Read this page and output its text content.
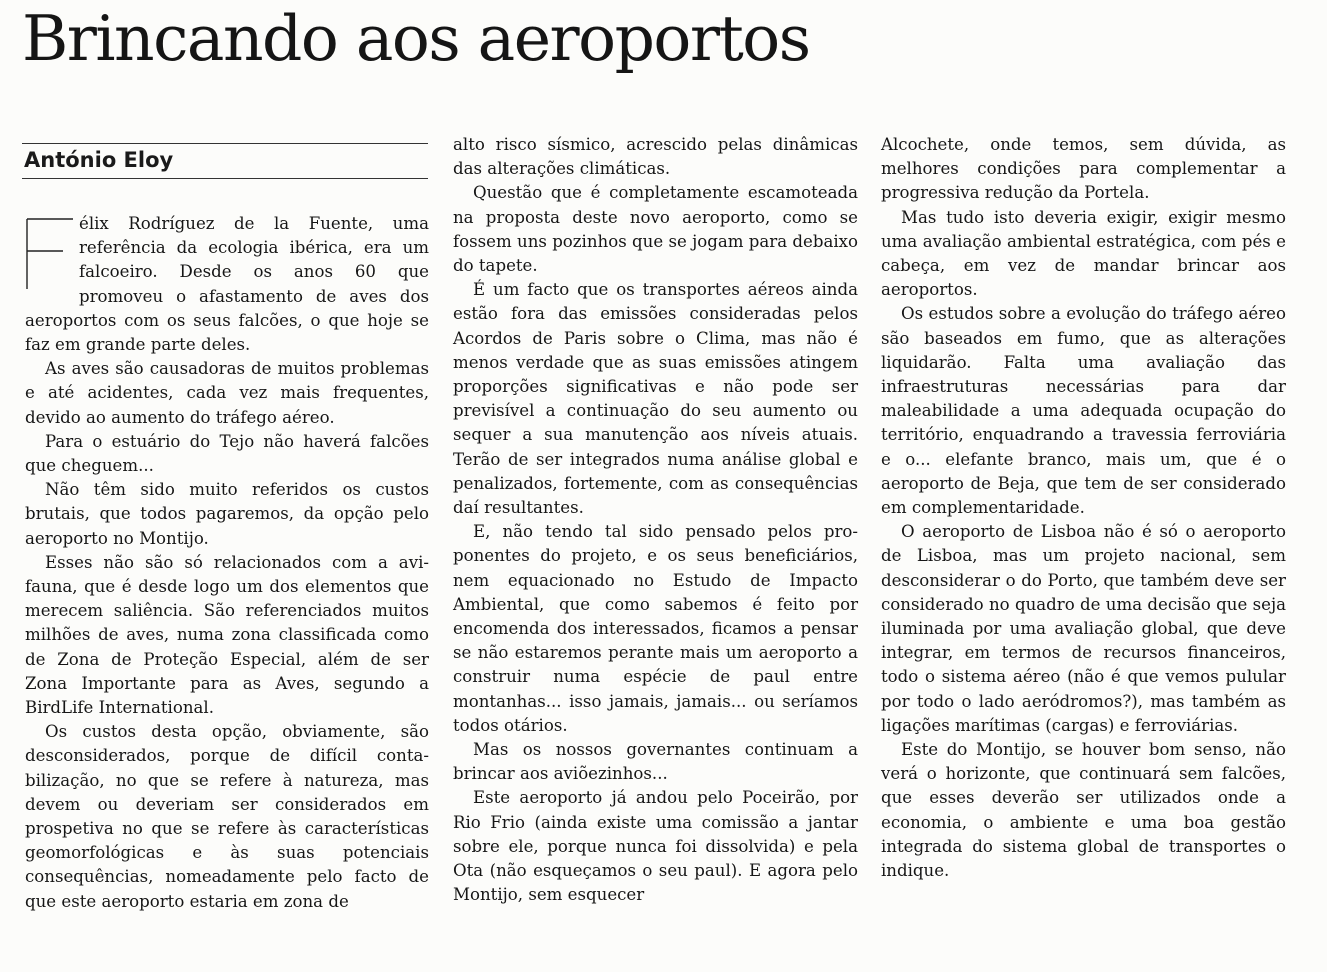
Brincando aos aeroportos
António Eloy
F

élix Rodríguez de la Fuente, uma referência da ecologia ibérica, era um falcoeiro. Desde os anos 60 que promoveu o afastamento de aves dos aeroportos com os seus falcões, o que hoje se faz em grande parte deles.

As aves são causadoras de muitos problemas e até acidentes, cada vez mais frequentes, devido ao aumento do tráfego aéreo.

Para o estuário do Tejo não haverá falcões que cheguem...

Não têm sido muito referidos os custos brutais, que todos pagaremos, da opção pelo aeroporto no Montijo.

Esses não são só relacionados com a avifauna, que é desde logo um dos elementos que merecem saliência. São referenciados muitos milhões de aves, numa zona classificada como de Zona de Proteção Especial, além de ser Zona Importante para as Aves, segundo a BirdLife International.

Os custos desta opção, obviamente, são desconsiderados, porque de difícil contabilização, no que se refere à natureza, mas devem ou deveriam ser considerados em prospetiva no que se refere às características geomorfológicas e às suas potenciais consequências, nomeadamente pelo facto de que este aeroporto estaria em zona de

alto risco sísmico, acrescido pelas dinâmicas das alterações climáticas.

Questão que é completamente escamoteada na proposta deste novo aeroporto, como se fossem uns pozinhos que se jogam para debaixo do tapete.

É um facto que os transportes aéreos ainda estão fora das emissões consideradas pelos Acordos de Paris sobre o Clima, mas não é menos verdade que as suas emissões atingem proporções significativas e não pode ser previsível a continuação do seu aumento ou sequer a sua manutenção aos níveis atuais. Terão de ser integrados numa análise global e penalizados, fortemente, com as consequências daí resultantes.

E, não tendo tal sido pensado pelos proponentes do projeto, e os seus beneficiários, nem equacionado no Estudo de Impacto Ambiental, que como sabemos é feito por encomenda dos interessados, ficamos a pensar se não estaremos perante mais um aeroporto a construir numa espécie de paul entre montanhas... isso jamais, jamais... ou seríamos todos otários.

Mas os nossos governantes continuam a brincar aos aviõezinhos...

Este aeroporto já andou pelo Poceirão, por Rio Frio (ainda existe uma comissão a jantar sobre ele, porque nunca foi dissolvida) e pela Ota (não esqueçamos o seu paul). E agora pelo Montijo, sem esquecer

Alcochete, onde temos, sem dúvida, as melhores condições para complementar a progressiva redução da Portela.

Mas tudo isto deveria exigir, exigir mesmo uma avaliação ambiental estratégica, com pés e cabeça, em vez de mandar brincar aos aeroportos.

Os estudos sobre a evolução do tráfego aéreo são baseados em fumo, que as alterações liquidarão. Falta uma avaliação das infraestruturas necessárias para dar maleabilidade a uma adequada ocupação do território, enquadrando a travessia ferroviária e o... elefante branco, mais um, que é o aeroporto de Beja, que tem de ser considerado em complementaridade.

O aeroporto de Lisboa não é só o aeroporto de Lisboa, mas um projeto nacional, sem desconsiderar o do Porto, que também deve ser considerado no quadro de uma decisão que seja iluminada por uma avaliação global, que deve integrar, em termos de recursos financeiros, todo o sistema aéreo (não é que vemos pulular por todo o lado aeródromos?), mas também as ligações marítimas (cargas) e ferroviárias.

Este do Montijo, se houver bom senso, não verá o horizonte, que continuará sem falcões, que esses deverão ser utilizados onde a economia, o ambiente e uma boa gestão integrada do sistema global de transportes o indique.
